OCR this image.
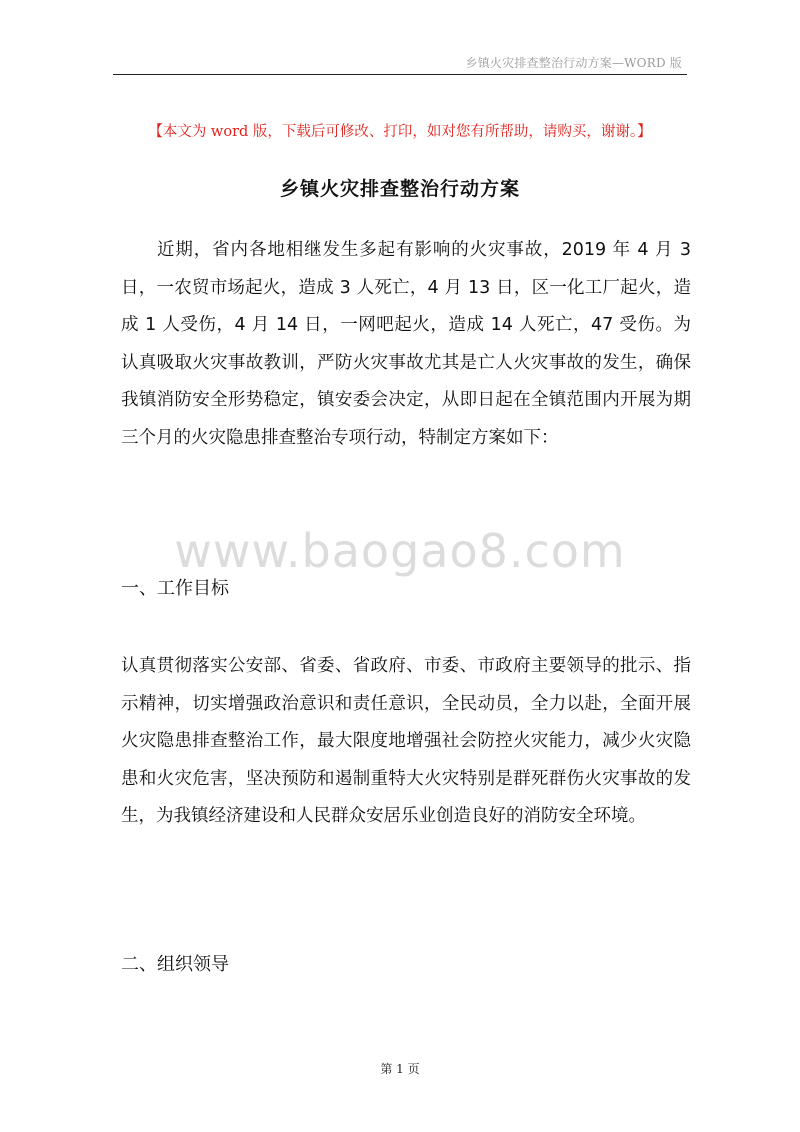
乡镇火灾排查整治行动方案—WORD 版
【本文为 word 版，下载后可修改、打印，如对您有所帮助，请购买，谢谢。】
乡镇火灾排查整治行动方案

近期，省内各地相继发生多起有影响的火灾事故，2019 年 4 月 3 日，一农贸市场起火，造成 3 人死亡，4 月 13 日，区一化工厂起火，造成 1 人受伤，4 月 14 日，一网吧起火，造成 14 人死亡，47 受伤。为认真吸取火灾事故教训，严防火灾事故尤其是亡人火灾事故的发生，确保我镇消防安全形势稳定，镇安委会决定，从即日起在全镇范围内开展为期三个月的火灾隐患排查整治专项行动，特制定方案如下：

www.baogao8.com
一、工作目标

认真贯彻落实公安部、省委、省政府、市委、市政府主要领导的批示、指示精神，切实增强政治意识和责任意识，全民动员，全力以赴，全面开展火灾隐患排查整治工作，最大限度地增强社会防控火灾能力，减少火灾隐患和火灾危害，坚决预防和遏制重特大火灾特别是群死群伤火灾事故的发生，为我镇经济建设和人民群众安居乐业创造良好的消防安全环境。

二、组织领导
第 1 页
